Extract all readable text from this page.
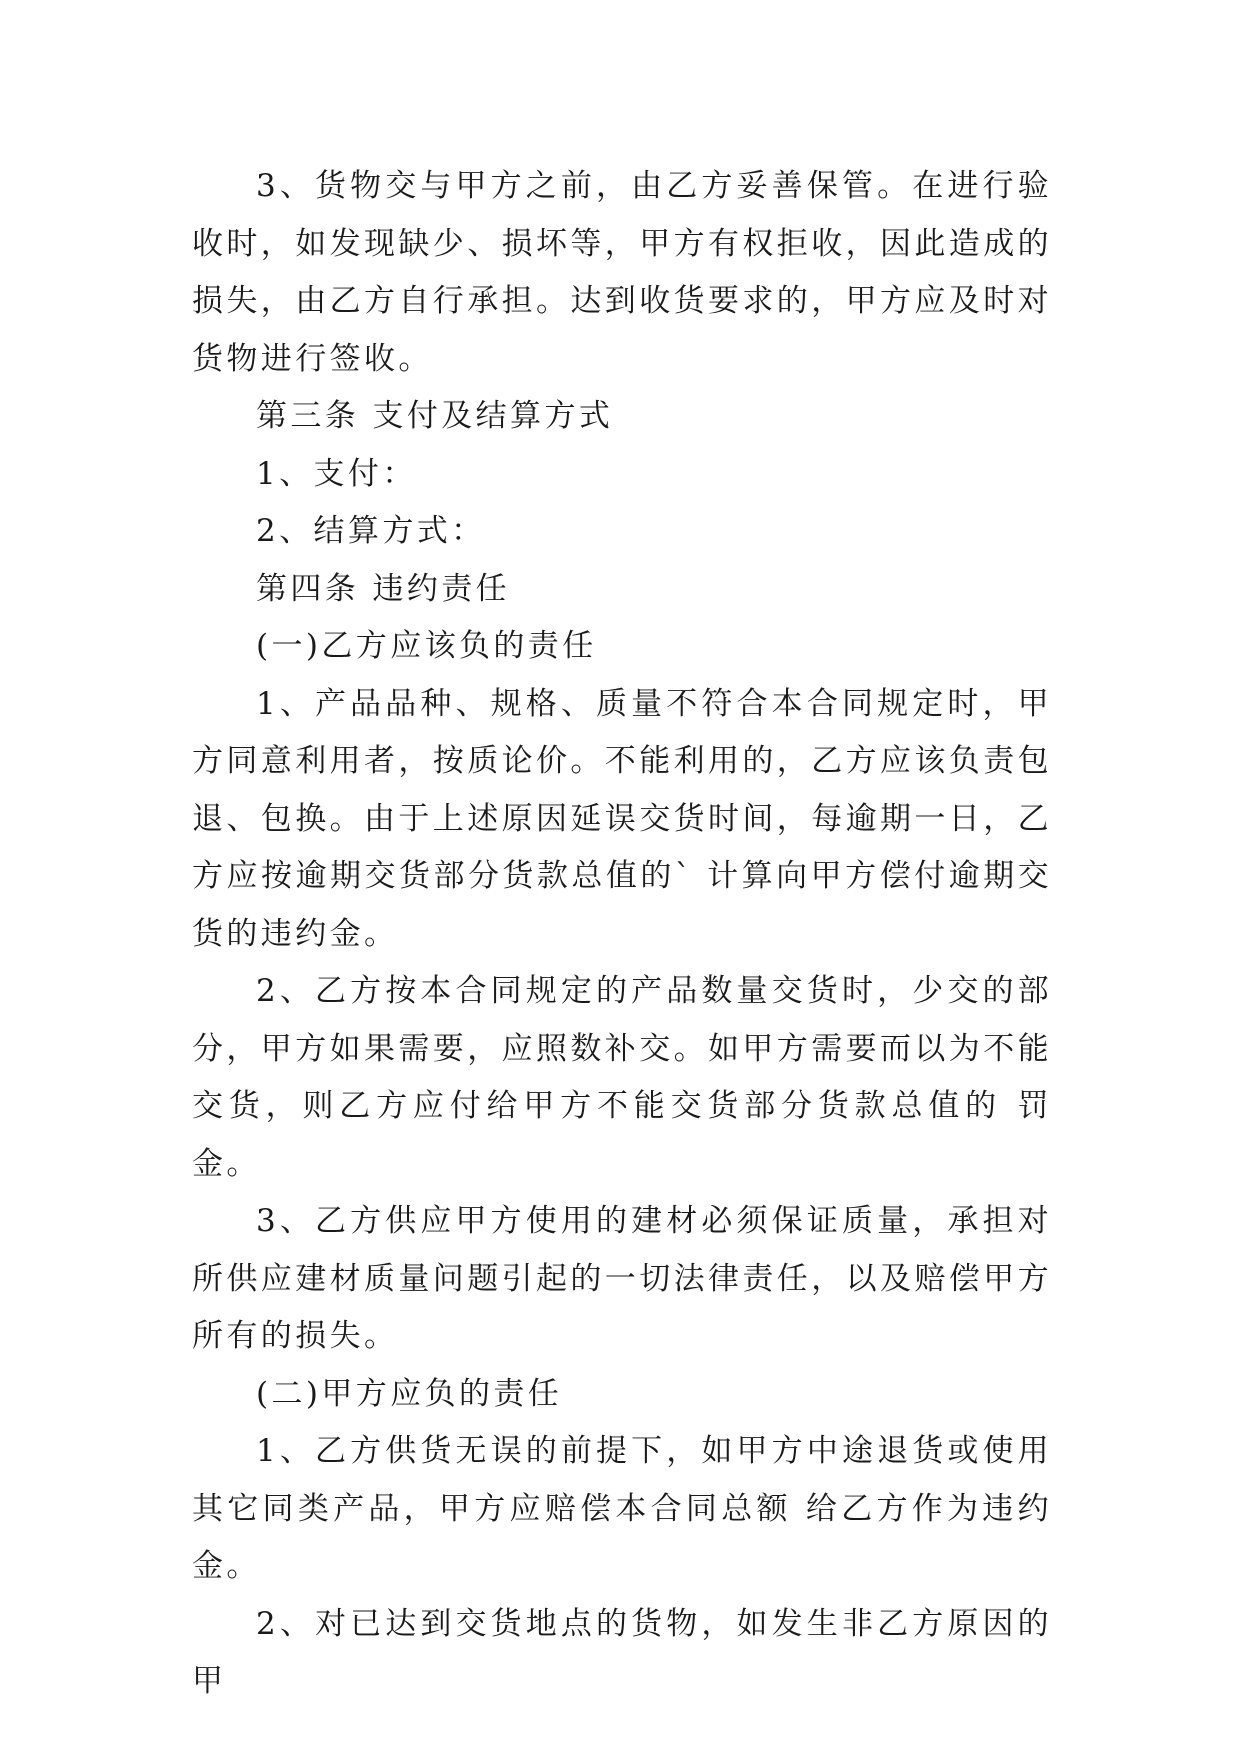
3、货物交与甲方之前，由乙方妥善保管。在进行验收时，如发现缺少、损坏等，甲方有权拒收，因此造成的损失，由乙方自行承担。达到收货要求的，甲方应及时对货物进行签收。

第三条 支付及结算方式

1、支付：

2、结算方式：

第四条 违约责任

(一)乙方应该负的责任

1、产品品种、规格、质量不符合本合同规定时，甲方同意利用者，按质论价。不能利用的，乙方应该负责包退、包换。由于上述原因延误交货时间，每逾期一日，乙方应按逾期交货部分货款总值的` 计算向甲方偿付逾期交货的违约金。

2、乙方按本合同规定的产品数量交货时，少交的部分，甲方如果需要，应照数补交。如甲方需要而以为不能交货，则乙方应付给甲方不能交货部分货款总值的 罚金。

3、乙方供应甲方使用的建材必须保证质量，承担对所供应建材质量问题引起的一切法律责任，以及赔偿甲方所有的损失。

(二)甲方应负的责任

1、乙方供货无误的前提下，如甲方中途退货或使用其它同类产品，甲方应赔偿本合同总额 给乙方作为违约金。

2、对已达到交货地点的货物，如发生非乙方原因的甲
